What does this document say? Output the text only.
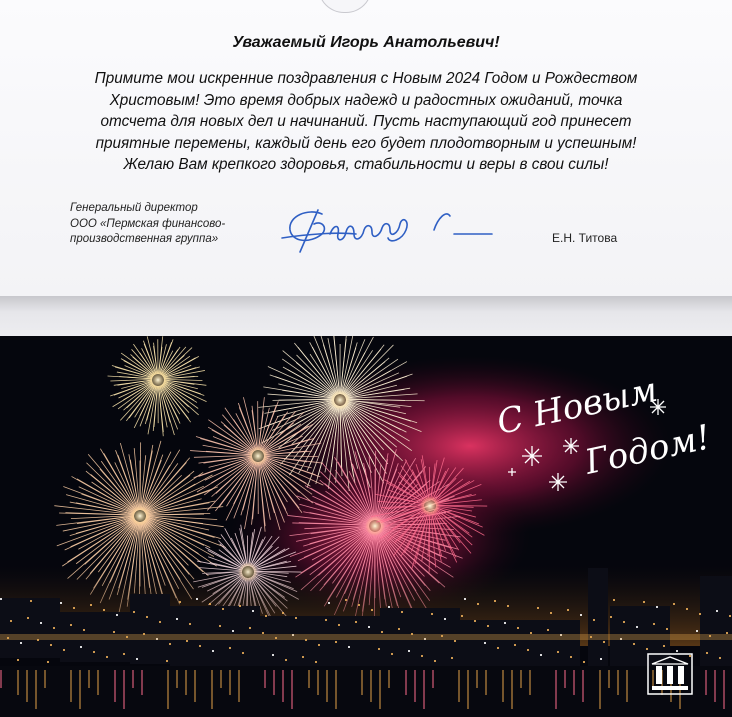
Уважаемый Игорь Анатольевич!

Примите мои искренние поздравления с Новым 2024 Годом и Рождеством
Христовым! Это время добрых надежд и радостных ожиданий, точка
отсчета для новых дел и начинаний. Пусть наступающий год принесет
приятные перемены, каждый день его будет плодотворным и успешным!
Желаю Вам крепкого здоровья, стабильности и веры в свои силы!

Генеральный директор
ООО «Пермская финансово-
производственная группа»	Е.Н. Титова
С Новым
Годом!
